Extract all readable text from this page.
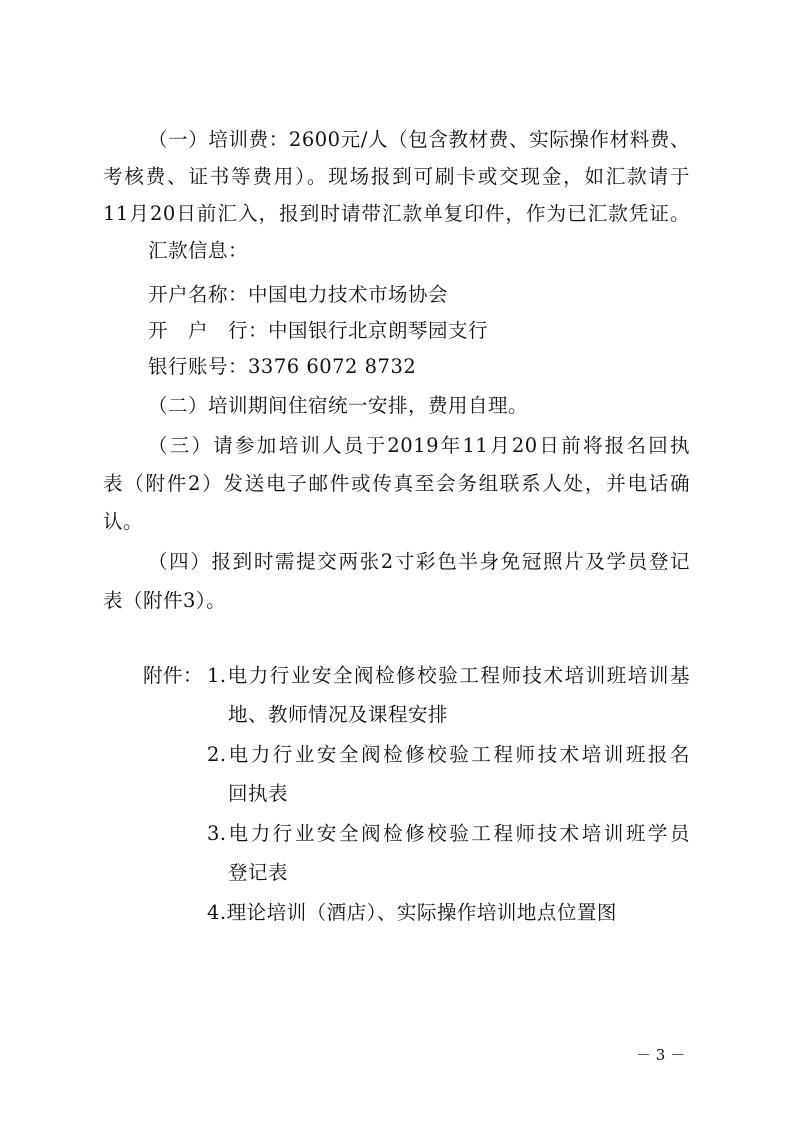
（一）培训费：2600元/人（包含教材费、实际操作材料费、
考核费、证书等费用）。现场报到可刷卡或交现金，如汇款请于
11月20日前汇入，报到时请带汇款单复印件，作为已汇款凭证。
汇款信息：
开户名称：中国电力技术市场协会
开　户　行：中国银行北京朗琴园支行
银行账号：3376 6072 8732
（二）培训期间住宿统一安排，费用自理。
（三）请参加培训人员于2019年11月20日前将报名回执
表（附件2）发送电子邮件或传真至会务组联系人处，并电话确
认。
（四）报到时需提交两张2寸彩色半身免冠照片及学员登记
表（附件3）。
附件： 1.电力行业安全阀检修校验工程师技术培训班培训基
地、教师情况及课程安排
2.电力行业安全阀检修校验工程师技术培训班报名
回执表
3.电力行业安全阀检修校验工程师技术培训班学员
登记表
4.理论培训（酒店）、实际操作培训地点位置图
－ 3 －
